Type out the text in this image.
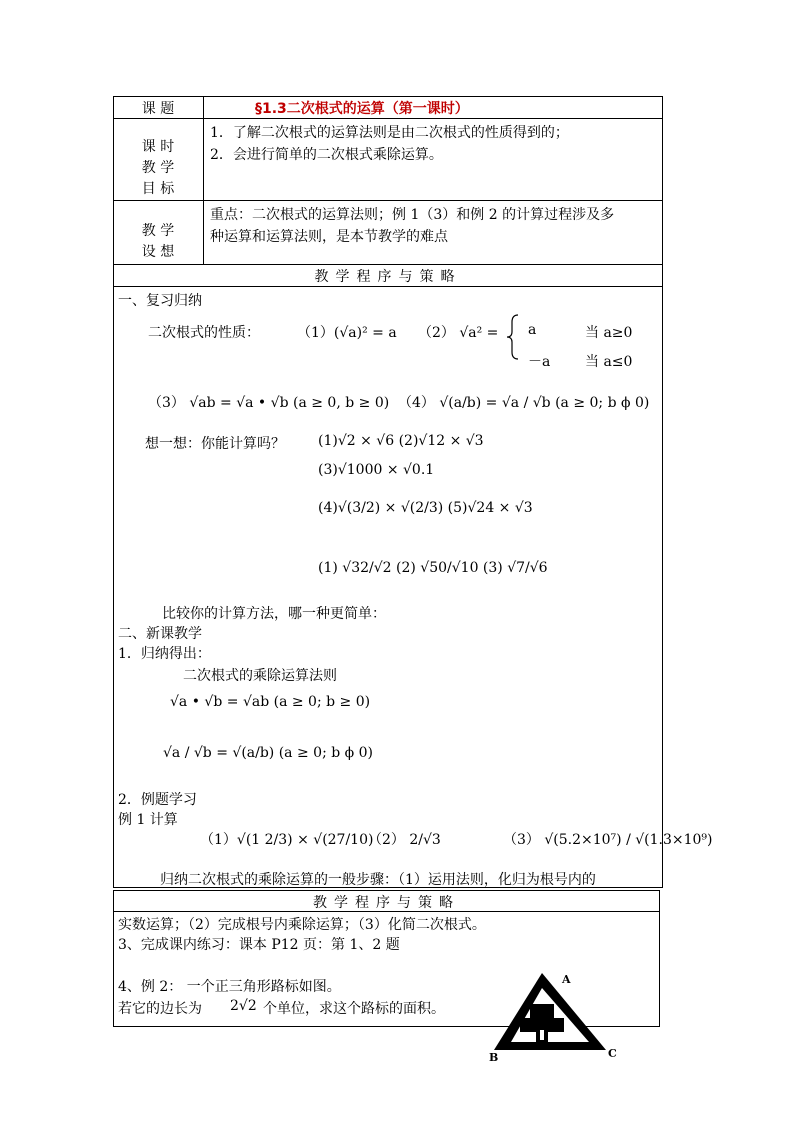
课 题	§1.3二次根式的运算（第一课时）
课 时
教 学
目 标
1．了解二次根式的运算法则是由二次根式的性质得到的；
2．会进行简单的二次根式乘除运算。
教 学
设 想
重点：二次根式的运算法则；例 1（3）和例 2 的计算过程涉及多
种运算和运算法则，是本节教学的难点
教学程序与策略
一、复习归纳
二次根式的性质：	（1）(√a)² = a （2） √a² = a	当 a≥0
－a 当 a≤0
（3） √ab = √a • √b (a ≥ 0, b ≥ 0) （4） √(a/b) = √a / √b (a ≥ 0; b ϕ 0)
想一想：你能计算吗？ (1)√2 × √6 (2)√12 × √3
(3)√1000 × √0.1
(4)√(3/2) × √(2/3) (5)√24 × √3
(1) √32/√2 (2) √50/√10 (3) √7/√6
比较你的计算方法，哪一种更简单：
二、新课教学
1．归纳得出：
二次根式的乘除运算法则
√a • √b = √ab (a ≥ 0; b ≥ 0)
√a / √b = √(a/b) (a ≥ 0; b ϕ 0)
2．例题学习
例 1 计算
（1）√(1 2/3) × √(27/10)
（2） 2/√3	（3） √(5.2×10⁷) / √(1.3×10⁹)
归纳二次根式的乘除运算的一般步骤：（1）运用法则，化归为根号内的
教学程序与策略
实数运算；（2）完成根号内乘除运算；（3）化简二次根式。
3、完成课内练习：课本 P12 页：第 1、2 题
4、例 2： 一个正三角形路标如图。
若它的边长为 2√2 个单位，求这个路标的面积。
A
B	C
